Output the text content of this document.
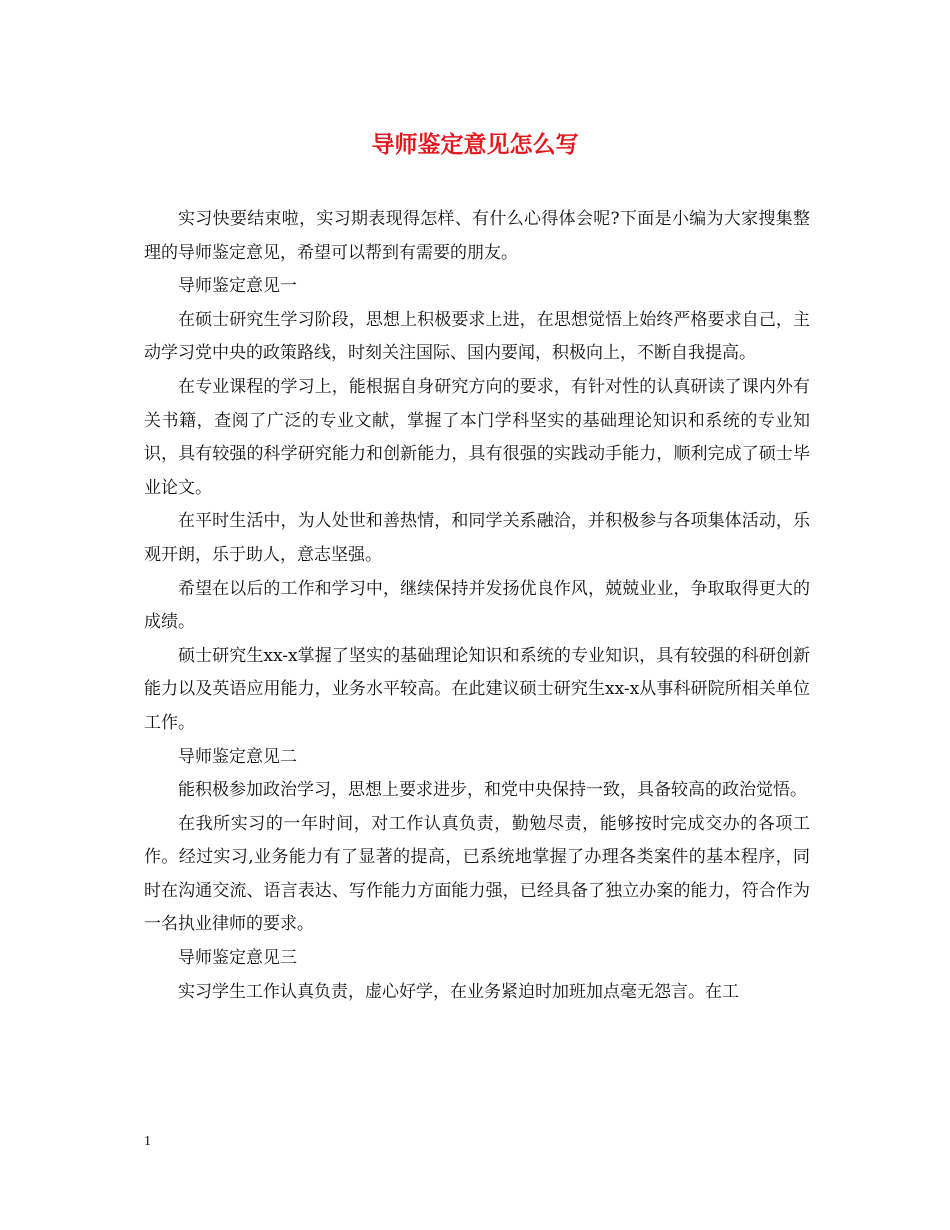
导师鉴定意见怎么写

实习快要结束啦，实习期表现得怎样、有什么心得体会呢?下面是小编为大家搜集整理的导师鉴定意见，希望可以帮到有需要的朋友。

导师鉴定意见一

在硕士研究生学习阶段，思想上积极要求上进，在思想觉悟上始终严格要求自己，主动学习党中央的政策路线，时刻关注国际、国内要闻，积极向上，不断自我提高。

在专业课程的学习上，能根据自身研究方向的要求，有针对性的认真研读了课内外有关书籍，查阅了广泛的专业文献，掌握了本门学科坚实的基础理论知识和系统的专业知识，具有较强的科学研究能力和创新能力，具有很强的实践动手能力，顺利完成了硕士毕业论文。

在平时生活中，为人处世和善热情，和同学关系融洽，并积极参与各项集体活动，乐观开朗，乐于助人，意志坚强。

希望在以后的工作和学习中，继续保持并发扬优良作风，兢兢业业，争取取得更大的成绩。

硕士研究生xx-x掌握了坚实的基础理论知识和系统的专业知识，具有较强的科研创新能力以及英语应用能力，业务水平较高。在此建议硕士研究生xx-x从事科研院所相关单位工作。

导师鉴定意见二

能积极参加政治学习，思想上要求进步，和党中央保持一致，具备较高的政治觉悟。

在我所实习的一年时间，对工作认真负责，勤勉尽责，能够按时完成交办的各项工作。经过实习,业务能力有了显著的提高，已系统地掌握了办理各类案件的基本程序，同时在沟通交流、语言表达、写作能力方面能力强，已经具备了独立办案的能力，符合作为一名执业律师的要求。

导师鉴定意见三

实习学生工作认真负责，虚心好学，在业务紧迫时加班加点毫无怨言。在工

1
